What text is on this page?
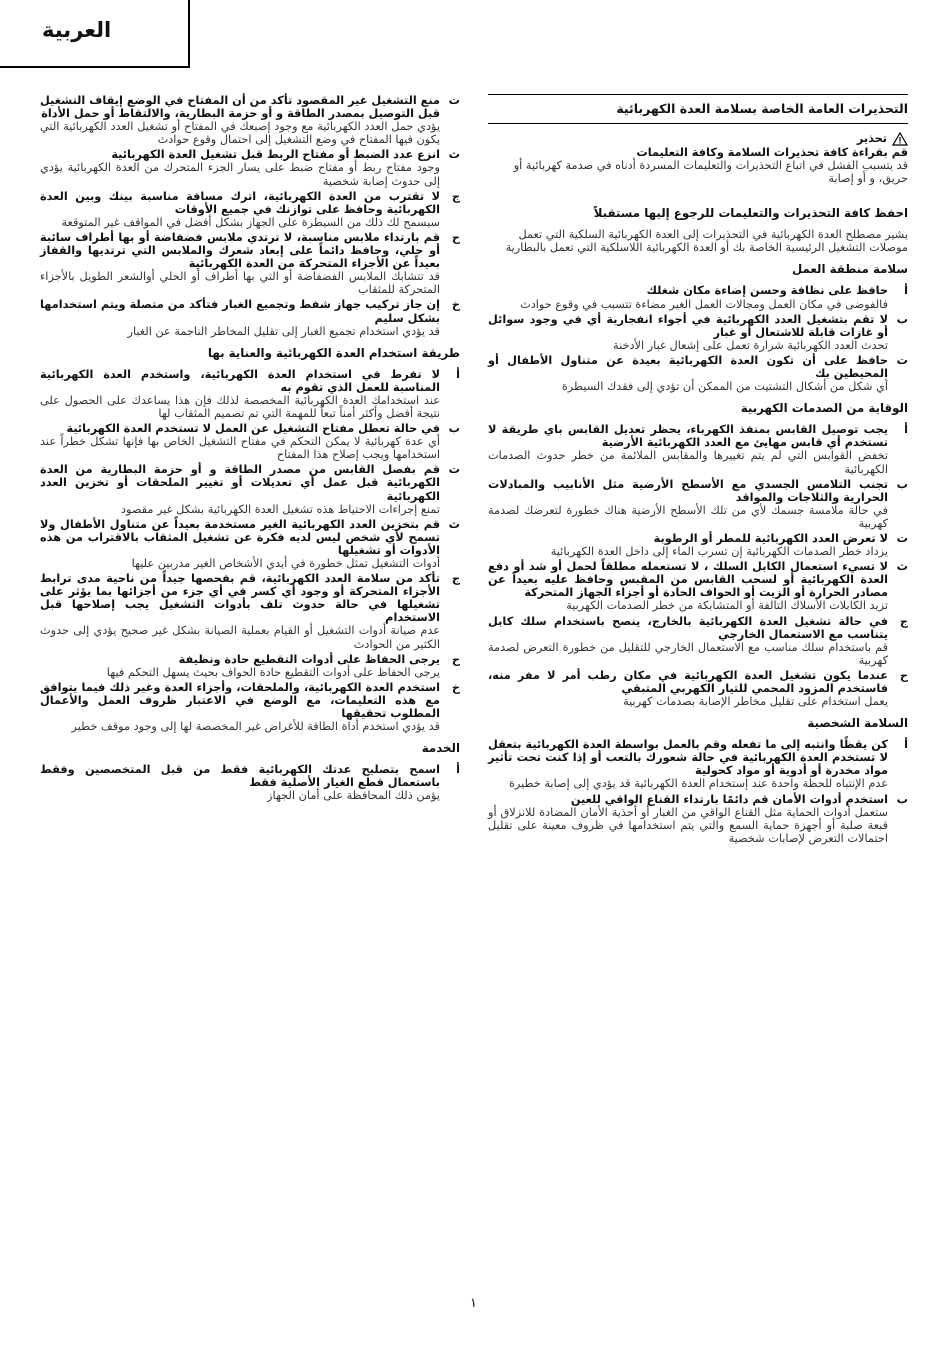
العربية
التحذيرات العامة الخاصة بسلامة العدة الكهربائية
تحذير
قم بقراءة كافة تحذيرات السلامة وكافة التعليمات
قد يتسبب الفشل في اتباع التحذيرات والتعليمات المسردة أدناه في صدمة كهربائية أو حريق، و أو إصابة
احفظ كافة التحذيرات والتعليمات للرجوع إليها مستقبلاً
يشير مصطلح العدة الكهربائية في التحذيرات إلى العدة الكهربائية السلكية التي تعمل موصلات التشغيل الرئيسية الخاصة بك أو العدة الكهربائية اللاسلكية التي تعمل بالبطارية
سلامة منطقة العمل
أ
حافظ على نظافة وحسن إضاءة مكان شغلك
فالفوضى في مكان العمل ومجالات العمل الغير مضاءة تتسبب في وقوع حوادث
ب
لا تقم بتشغيل العدد الكهربائية في أجواء انفجارية أي في وجود سوائل أو غازات قابلة للاشتعال أو غبار
تحدث العدد الكهربائية شرارة تعمل على إشعال غبار الأدخنة
ت
حافظ على أن تكون العدة الكهربائية بعيدة عن متناول الأطفال أو المحيطين بك
أي شكل من أشكال التشتيت من الممكن أن تؤدي إلى فقدك السيطرة
الوقاية من الصدمات الكهربية
أ
يجب توصيل القابس بمنفذ الكهرباء، يحظر تعديل القابس باي طريقة لا تستخدم أي قابس مهايئ مع العدد الكهربائية الأرضية
تخفض القوابس التي لم يتم تغييرها والمقابس الملائمة من خطر حدوث الصدمات الكهربائية
ب
تجنب التلامس الجسدي مع الأسطح الأرضية مثل الأنابيب والمبادلات الحرارية والثلاجات والمواقد
في حالة ملامسة جسمك لأي من تلك الأسطح الأرضية هناك خطورة لتعرضك لصدمة كهربية
ت
لا تعرض العدد الكهربائية للمطر أو الرطوبة
يزداد خطر الصدمات الكهربائية إن تسرب الماء إلى داخل العدة الكهربائية
ث
لا تسيء استعمال الكابل السلك ، لا تستعمله مطلقاً لحمل أو شد أو دفع العدة الكهربائية أو لسحب القابس من المقبس وحافظ عليه بعيداً عن مصادر الحرارة أو الزيت أو الحواف الحادة أو أجزاء الجهاز المتحركة
تزيد الكابلات الأسلاك التالفة أو المتشابكة من خطر الصدمات الكهربية
ج
في حالة تشغيل العدة الكهربائية بالخارج، ينصح باستخدام سلك كابل يتناسب مع الاستعمال الخارجي
قم باستخدام سلك مناسب مع الاستعمال الخارجي للتقليل من خطورة التعرض لصدمة كهربية
ح
عندما يكون تشغيل العدة الكهربائية في مكان رطب أمر لا مفر منه، فاستخدم المزود المحمي للتيار الكهربي المتبقي
يعمل استخدام على تقليل مخاطر الإصابة بصدمات كهربية
السلامة الشخصية
أ
كن يقظًا وانتبه إلى ما تفعله وقم بالعمل بواسطة العدة الكهربائية بتعقل لا تستخدم العدة الكهربائية في حالة شعورك بالتعب أو إذا كنت تحت تأثير مواد مخدرة أو أدوية أو مواد كحولية
عدم الإنتباه للحظة واحدة عند إستخدام العدة الكهربائية قد يؤدي إلى إصابة خطيرة
ب
استخدم أدوات الأمان قم دائمًا بارتداء القناع الواقي للعين
ستعمل أدوات الحماية مثل القناع الواقي من الغبار أو أحذية الأمان المضادة للانزلاق أو قبعة صلبة أو أجهزة حماية السمع والتي يتم استخدامها في ظروف معينة على تقليل احتمالات التعرض لإصابات شخصية
ت
منع التشغيل غير المقصود تأكد من أن المفتاح في الوضع إيقاف التشغيل قبل التوصيل بمصدر الطاقة و أو حزمة البطارية، والالتقاط أو حمل الأداة
يؤدي حمل العدد الكهربائية مع وجود إصبعك في المفتاح أو تشغيل العدد الكهربائية التي يكون فيها المفتاح في وضع التشغيل إلى احتمال وقوع حوادث
ث
انزع عدد الضبط أو مفتاح الربط قبل تشغيل العدة الكهربائية
وجود مفتاح ربط أو مفتاح ضبط على يسار الجزء المتحرك من العدة الكهربائية يؤدي إلى حدوث إصابة شخصية
ج
لا تقترب من العدة الكهربائية، اترك مسافة مناسبة بينك وبين العدة الكهربائية وحافظ على توازنك في جميع الأوقات
سيسمح لك ذلك من السيطرة على الجهاز بشكل أفضل في المواقف غير المتوقعة
ح
قم بارتداء ملابس مناسبة، لا ترتدي ملابس فضفاضة أو بها أطراف سائبة أو حلي، وحافظ دائماً على إبعاد شعرك والملابس التي ترتديها والقفاز بعيداً عن الأجزاء المتحركة من العدة الكهربائية
قد تتشابك الملابس الفضفاضة أو التي بها أطراف أو الحلي أوالشعر الطويل بالأجزاء المتحركة للمثقاب
خ
إن جاز تركيب جهاز شفط وتجميع الغبار فتأكد من متصلة ويتم استخدامها بشكل سليم
قد يؤدي استخدام تجميع الغبار إلى تقليل المخاطر الناجمة عن الغبار
طريقة استخدام العدة الكهربائية والعناية بها
أ
لا تفرط في استخدام العدة الكهربائية، واستخدم العدة الكهربائية المناسبة للعمل الذي تقوم به
عند استخدامك العدة الكهربائية المخصصة لذلك فإن هذا يساعدك على الحصول على نتيجة أفضل وأكثر أمناً تبعاً للمهمة التي تم تصميم المثقاب لها
ب
في حالة تعطل مفتاح التشغيل عن العمل لا تستخدم العدة الكهربائية
أي عدة كهربائية لا يمكن التحكم في مفتاح التشغيل الخاص بها فإنها تشكل خطراً عند استخدامها ويجب إصلاح هذا المفتاح
ت
قم بفصل القابس من مصدر الطاقة و أو حزمة البطارية من العدة الكهربائية قبل عمل أي تعديلات أو تغيير الملحقات أو تخزين العدد الكهربائية
تمنع إجراءات الاحتياط هذه تشغيل العدة الكهربائية بشكل غير مقصود
ث
قم بتخزين العدد الكهربائية الغير مستخدمة بعيداً عن متناول الأطفال ولا تسمح لأي شخص ليس لديه فكرة عن تشغيل المثقاب بالاقتراب من هذه الأدوات أو تشغيلها
أدوات التشغيل تمثل خطورة في أيدي الأشخاص الغير مدربين عليها
ج
تأكد من سلامة العدد الكهربائية، قم بفحصها جيداً من ناحية مدى ترابط الأجزاء المتحركة أو وجود أي كسر في أي جزء من أجزائها بما يؤثر على تشغيلها في حالة حدوث تلف بأدوات التشغيل يجب إصلاحها قبل الاستخدام
عدم صيانة أدوات التشغيل أو القيام بعملية الصيانة بشكل غير صحيح يؤدي إلى حدوث الكثير من الحوادث
ح
يرجى الحفاظ على أدوات التقطيع حادة ونظيفة
يرجى الحفاظ على أدوات التقطيع حادة الحواف بحيث يسهل التحكم فيها
خ
استخدم العدة الكهربائية، والملحقات، وأجزاء العدة وغير ذلك فيما يتوافق مع هذه التعليمات، مع الوضع في الاعتبار ظروف العمل والأعمال المطلوب تحقيقها
قد يؤدي استخدم أداة الطاقة للأغراض غير المخصصة لها إلى وجود موقف خطير
الخدمة
أ
اسمح بتصليح عدتك الكهربائية فقط من قبل المتخصصين وفقط باستعمال قطع الغيار الأصلية فقط
يؤمن ذلك المحافظة على أمان الجهاز
١
